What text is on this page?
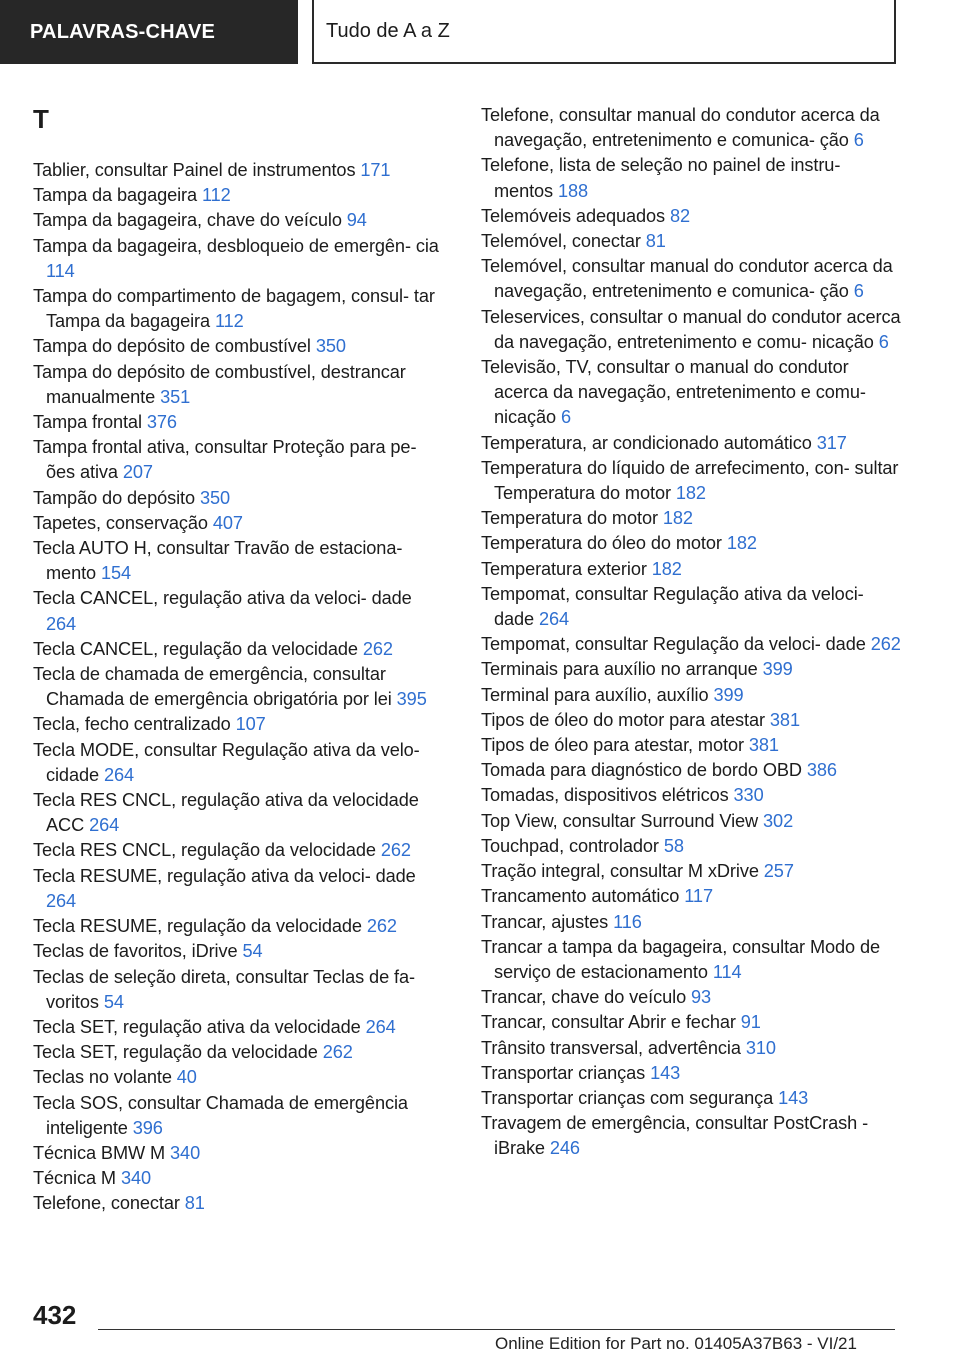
PALAVRAS-CHAVE	Tudo de A a Z
T
Tablier, consultar Painel de instrumentos 171
Tampa da bagageira 112
Tampa da bagageira, chave do veículo 94
Tampa da bagageira, desbloqueio de emergên- cia 114
Tampa do compartimento de bagagem, consul- tar Tampa da bagageira 112
Tampa do depósito de combustível 350
Tampa do depósito de combustível, destrancar manualmente 351
Tampa frontal 376
Tampa frontal ativa, consultar Proteção para pe- ões ativa 207
Tampão do depósito 350
Tapetes, conservação 407
Tecla AUTO H, consultar Travão de estaciona- mento 154
Tecla CANCEL, regulação ativa da veloci- dade 264
Tecla CANCEL, regulação da velocidade 262
Tecla de chamada de emergência, consultar Chamada de emergência obrigatória por lei 395
Tecla, fecho centralizado 107
Tecla MODE, consultar Regulação ativa da velo- cidade 264
Tecla RES CNCL, regulação ativa da velocidade ACC 264
Tecla RES CNCL, regulação da velocidade 262
Tecla RESUME, regulação ativa da veloci- dade 264
Tecla RESUME, regulação da velocidade 262
Teclas de favoritos, iDrive 54
Teclas de seleção direta, consultar Teclas de fa- voritos 54
Tecla SET, regulação ativa da velocidade 264
Tecla SET, regulação da velocidade 262
Teclas no volante 40
Tecla SOS, consultar Chamada de emergência inteligente 396
Técnica BMW M 340
Técnica M 340
Telefone, conectar 81
Telefone, consultar manual do condutor acerca da navegação, entretenimento e comunica- ção 6
Telefone, lista de seleção no painel de instru- mentos 188
Telemóveis adequados 82
Telemóvel, conectar 81
Telemóvel, consultar manual do condutor acerca da navegação, entretenimento e comunica- ção 6
Teleservices, consultar o manual do condutor acerca da navegação, entretenimento e comu- nicação 6
Televisão, TV, consultar o manual do condutor acerca da navegação, entretenimento e comu- nicação 6
Temperatura, ar condicionado automático 317
Temperatura do líquido de arrefecimento, con- sultar Temperatura do motor 182
Temperatura do motor 182
Temperatura do óleo do motor 182
Temperatura exterior 182
Tempomat, consultar Regulação ativa da veloci- dade 264
Tempomat, consultar Regulação da veloci- dade 262
Terminais para auxílio no arranque 399
Terminal para auxílio, auxílio 399
Tipos de óleo do motor para atestar 381
Tipos de óleo para atestar, motor 381
Tomada para diagnóstico de bordo OBD 386
Tomadas, dispositivos elétricos 330
Top View, consultar Surround View 302
Touchpad, controlador 58
Tração integral, consultar M xDrive 257
Trancamento automático 117
Trancar, ajustes 116
Trancar a tampa da bagageira, consultar Modo de serviço de estacionamento 114
Trancar, chave do veículo 93
Trancar, consultar Abrir e fechar 91
Trânsito transversal, advertência 310
Transportar crianças 143
Transportar crianças com segurança 143
Travagem de emergência, consultar PostCrash - iBrake 246
432
Online Edition for Part no. 01405A37B63 - VI/21
